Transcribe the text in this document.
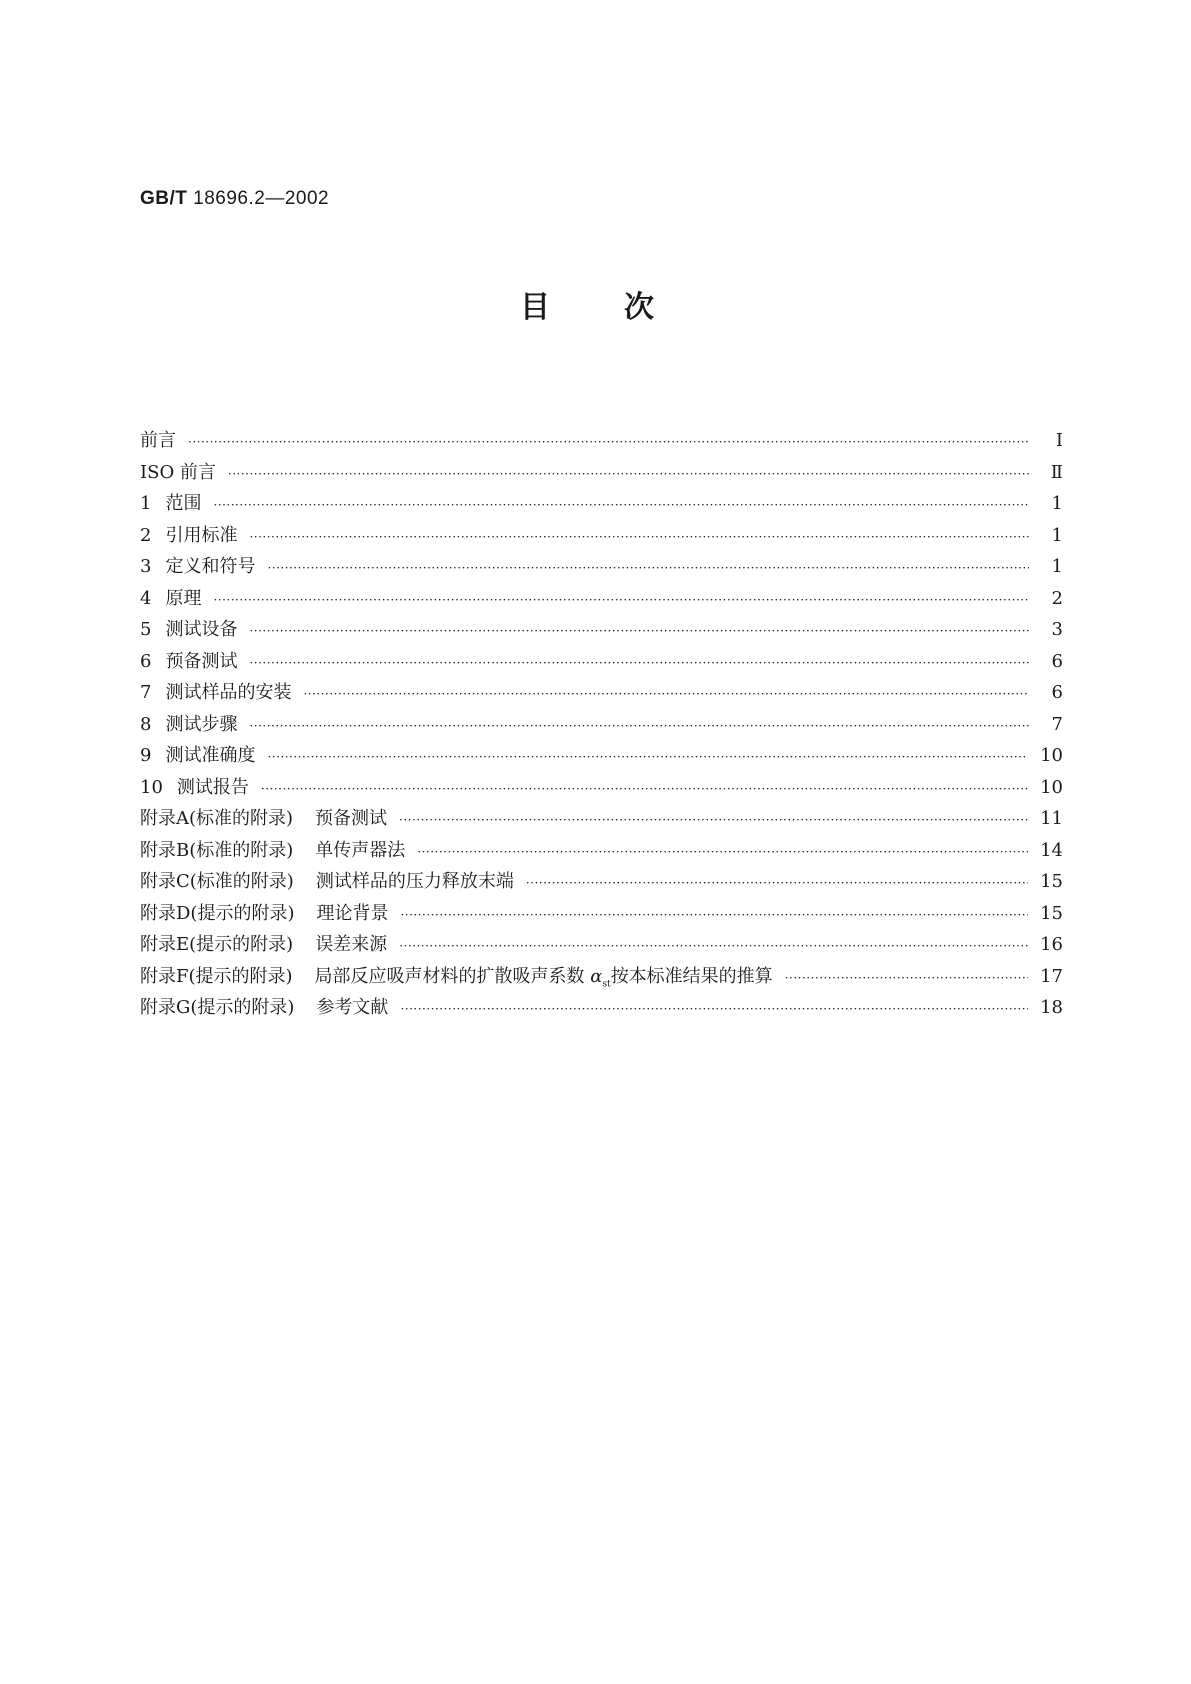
GB/T 18696.2—2002
目次
前言 ·····	Ⅰ
ISO 前言 ·····	Ⅱ
1 范围 ·····	1
2 引用标准 ·····	1
3 定义和符号 ·····	1
4 原理 ·····	2
5 测试设备 ·····	3
6 预备测试 ·····	6
7 测试样品的安装 ·····	6
8 测试步骤 ·····	7
9 测试准确度 ·····	10
10 测试报告 ·····	10
附录A(标准的附录) 预备测试 ·····	11
附录B(标准的附录) 单传声器法 ·····	14
附录C(标准的附录) 测试样品的压力释放末端 ·····	15
附录D(提示的附录) 理论背景 ·····	15
附录E(提示的附录) 误差来源 ·····	16
附录F(提示的附录) 局部反应吸声材料的扩散吸声系数 $\alpha_{st}$按本标准结果的推算 ·····	17
附录G(提示的附录) 参考文献 ·····	18
